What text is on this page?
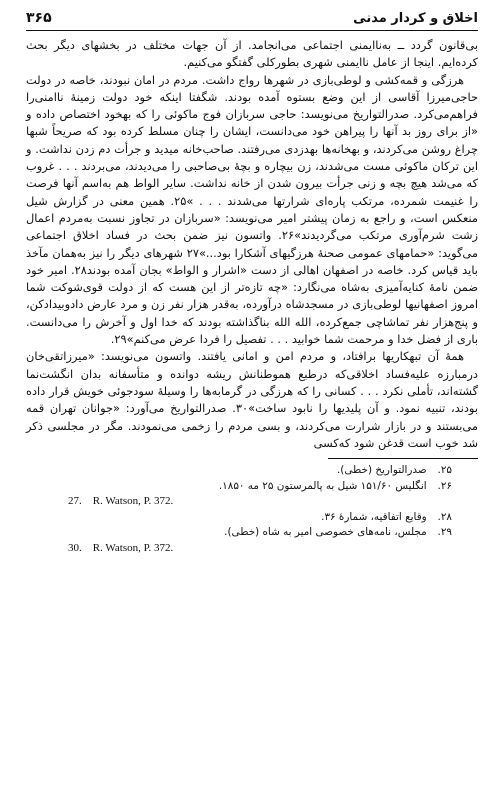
اخلاق و کردار مدنی
۳۶۵

بی‌قانون گردد ــ به‌ناایمنی اجتماعی می‌انجامد. از آن جهات مختلف در بخشهای دیگر بحث کرده‌ایم. اینجا از عامل ناایمنی شهری بطورکلی گفتگو می‌کنیم.

هرزگی و قمه‌کشی و لوطی‌بازی در شهرها رواج داشت. مردم در امان نبودند، خاصه در دولت حاجی‌میرزا آقاسی از این وضع بستوه آمده بودند. شگفتا اینکه خود دولت زمینهٔ ناامنی‌را فراهم‌می‌کرد. صدرالتواریخ می‌نویسد: حاجی سربازان فوج ماکوئی را که بهخود اختصاص داده و «از برای روز بد آنها را پیراهن خود می‌دانست، ایشان را چنان مسلط کرده بود که صریحاً شبها چراغ روشن می‌کردند، و بهخانه‌ها بهدزدی می‌رفتند. صاحب‌خانه میدید و جرأت دم زدن نداشت. و این ترکان ماکوئی مست می‌شدند، زن بیچاره و بچهٔ بی‌صاحبی را می‌دیدند، می‌بردند . . . غروب که می‌شد هیچ بچه و زنی جرأت بیرون شدن از خانه نداشت. سایر الواط هم به‌اسم آنها فرصت را غنیمت شمرده، مرتکب پاره‌ای شرارتها می‌شدند . . . »۲۵. همین معنی در گزارش شیل منعکس است، و راجع به زمان پیشتر امیر می‌نویسد: «سربازان در تجاوز نسبت به‌مردم اعمال زشت شرم‌آوری مرتکب می‌گردیدند»۲۶. واتسون نیز ضمن بحث در فساد اخلاق اجتماعی می‌گوید: «حمامهای عمومی صحنهٔ هرزگیهای آشکارا بود...»۲۷ شهرهای دیگر را نیز به‌همان مآخذ باید قیاس کرد. خاصه در اصفهان اهالی از دست «اشرار و الواط» بجان آمده بودند۲۸. امیر خود ضمن نامهٔ کنایه‌آمیزی به‌شاه می‌نگارد: «چه تازه‌تر از این هست که از دولت قوی‌شوکت شما امروز اصفهانیها لوطی‌بازی در مسجدشاه درآورده، به‌قدر هزار نفر زن و مرد عارض دادوبیدادکن، و پنج‌هزار نفر تماشاچی جمع‌کرده، الله الله بناگذاشته بودند که خدا اول و آخرش را می‌دانست. باری از فضل خدا و مرحمت شما خوابید . . . تفصیل را فردا عرض می‌کنم»۲۹.

همهٔ آن تبهکاریها برافتاد، و مردم امن و امانی یافتند. واتسون می‌نویسد: «میرزاتقی‌خان درمبارزه علیه‌فساد اخلاقی‌که درطبع هموطنانش ریشه دوانده و متأسفانه بدان انگشت‌نما گشته‌اند، تأملی نکرد . . . کسانی را که هرزگی در گرمابه‌ها را وسیلهٔ سودجوئی خویش قرار داده بودند، تنبیه نمود. و آن پلیدیها را نابود ساخت»۳۰. صدرالتواریخ می‌آورد: «جوانان تهران قمه می‌بستند و در بازار شرارت می‌کردند، و بسی مردم را زخمی می‌نمودند. مگر در مجلسی ذکر شد خوب است قدغن شود که‌کسی

۲۵. صدرالتواریخ (خطی).
۲۶. انگلیس ۱۵۱/۶۰ شیل به پالمرستون ۲۵ مه ۱۸۵۰.
27. R. Watson, P. 372.
۲۸. وقایع اتفاقیه، شمارهٔ ۳۶.
۲۹. مجلس، نامه‌های خصوصی امیر به شاه (خطی).
30. R. Watson, P. 372.
